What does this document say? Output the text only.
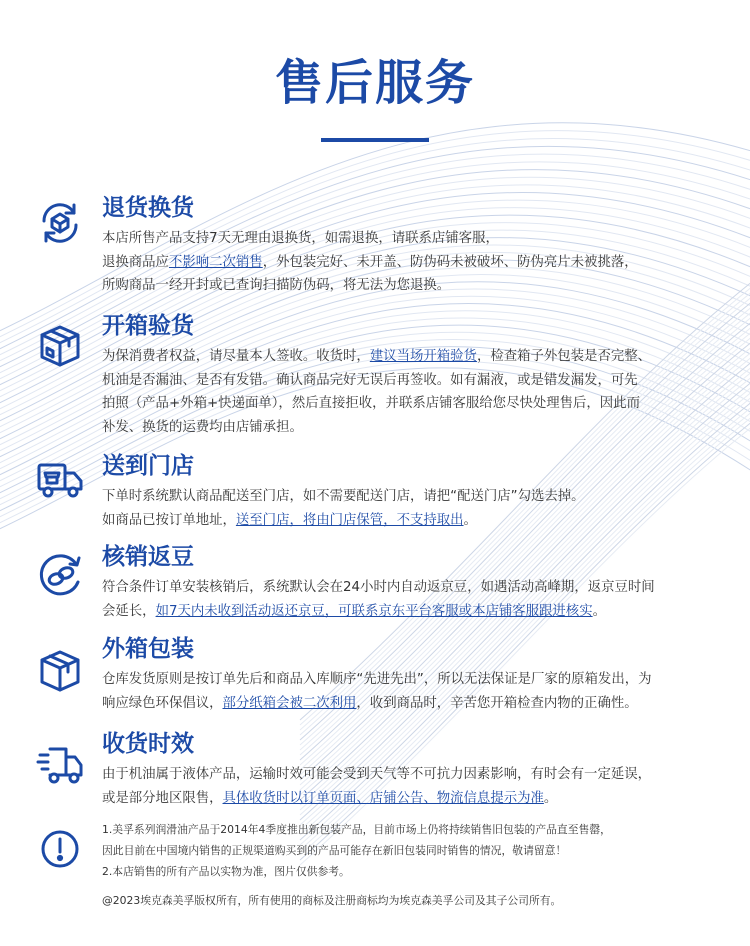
售后服务
退货换货
本店所售产品支持7天无理由退换货，如需退换，请联系店铺客服，
退换商品应不影响二次销售，外包装完好、未开盖、防伪码未被破坏、防伪亮片未被挑落，
所购商品一经开封或已查询扫描防伪码，将无法为您退换。
开箱验货
为保消费者权益，请尽量本人签收。收货时，建议当场开箱验货，检查箱子外包装是否完整、
机油是否漏油、是否有发错。确认商品完好无误后再签收。如有漏液，或是错发漏发，可先
拍照（产品+外箱+快递面单），然后直接拒收，并联系店铺客服给您尽快处理售后，因此而
补发、换货的运费均由店铺承担。
送到门店
下单时系统默认商品配送至门店，如不需要配送门店，请把“配送门店”勾选去掉。
如商品已按订单地址，送至门店，将由门店保管，不支持取出。
核销返豆
符合条件订单安装核销后，系统默认会在24小时内自动返京豆，如遇活动高峰期，返京豆时间
会延长，如7天内未收到活动返还京豆，可联系京东平台客服或本店铺客服跟进核实。
外箱包装
仓库发货原则是按订单先后和商品入库顺序“先进先出”，所以无法保证是厂家的原箱发出，为
响应绿色环保倡议，部分纸箱会被二次利用，收到商品时，辛苦您开箱检查内物的正确性。
收货时效
由于机油属于液体产品，运输时效可能会受到天气等不可抗力因素影响，有时会有一定延误，
或是部分地区限售，具体收货时以订单页面、店铺公告、物流信息提示为准。

1.美孚系列润滑油产品于2014年4季度推出新包装产品，目前市场上仍将持续销售旧包装的产品直至售罄，

因此目前在中国境内销售的正规渠道购买到的产品可能存在新旧包装同时销售的情况，敬请留意！

2.本店销售的所有产品以实物为准，图片仅供参考。

@2023埃克森美孚版权所有，所有使用的商标及注册商标均为埃克森美孚公司及其子公司所有。
